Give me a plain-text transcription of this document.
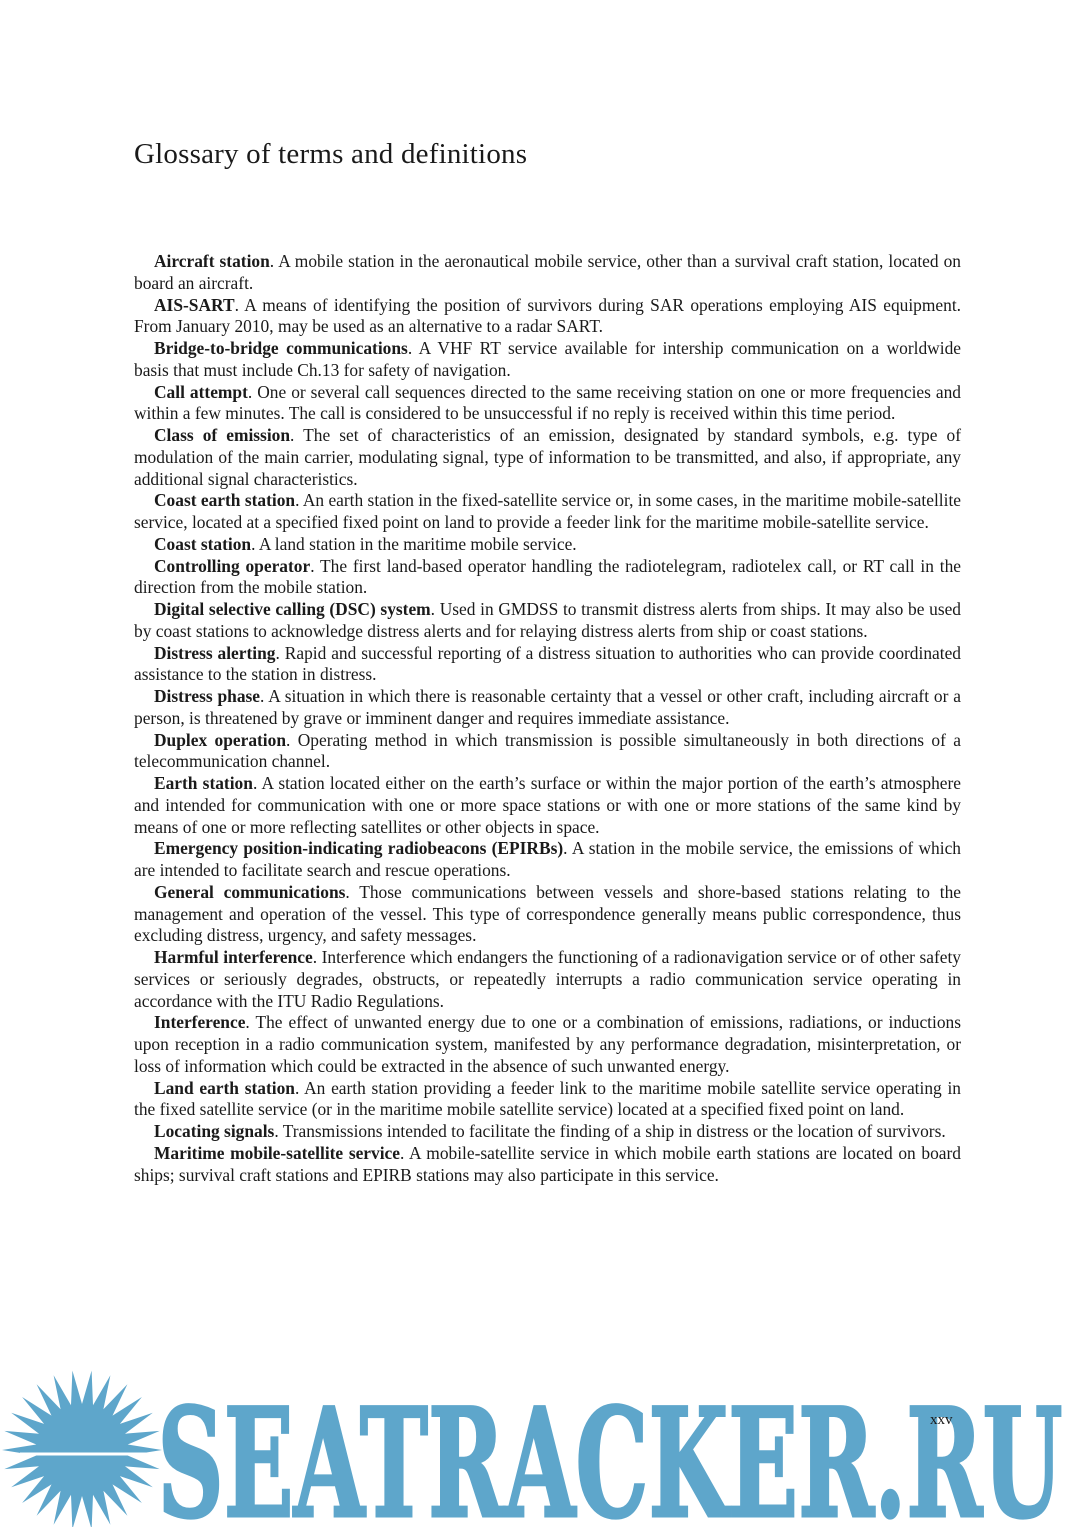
Glossary of terms and definitions

Aircraft station. A mobile station in the aeronautical mobile service, other than a survival craft station, located on board an aircraft.

AIS-SART. A means of identifying the position of survivors during SAR operations employing AIS equipment. From January 2010, may be used as an alternative to a radar SART.

Bridge-to-bridge communications. A VHF RT service available for intership communication on a worldwide basis that must include Ch.13 for safety of navigation.

Call attempt. One or several call sequences directed to the same receiving station on one or more frequencies and within a few minutes. The call is considered to be unsuccessful if no reply is received within this time period.

Class of emission. The set of characteristics of an emission, designated by standard symbols, e.g. type of modulation of the main carrier, modulating signal, type of information to be transmitted, and also, if appropriate, any additional signal characteristics.

Coast earth station. An earth station in the fixed-satellite service or, in some cases, in the maritime mobile-satellite service, located at a specified fixed point on land to provide a feeder link for the maritime mobile-satellite service.

Coast station. A land station in the maritime mobile service.

Controlling operator. The first land-based operator handling the radiotelegram, radiotelex call, or RT call in the direction from the mobile station.

Digital selective calling (DSC) system. Used in GMDSS to transmit distress alerts from ships. It may also be used by coast stations to acknowledge distress alerts and for relaying distress alerts from ship or coast stations.

Distress alerting. Rapid and successful reporting of a distress situation to authorities who can provide coordinated assistance to the station in distress.

Distress phase. A situation in which there is reasonable certainty that a vessel or other craft, including aircraft or a person, is threatened by grave or imminent danger and requires immediate assistance.

Duplex operation. Operating method in which transmission is possible simultaneously in both directions of a telecommunication channel.

Earth station. A station located either on the earth’s surface or within the major portion of the earth’s atmosphere and intended for communication with one or more space stations or with one or more stations of the same kind by means of one or more reflecting satellites or other objects in space.

Emergency position-indicating radiobeacons (EPIRBs). A station in the mobile service, the emissions of which are intended to facilitate search and rescue operations.

General communications. Those communications between vessels and shore-based stations relating to the management and operation of the vessel. This type of correspondence generally means public correspondence, thus excluding distress, urgency, and safety messages.

Harmful interference. Interference which endangers the functioning of a radionavigation service or of other safety services or seriously degrades, obstructs, or repeatedly interrupts a radio communication service operating in accordance with the ITU Radio Regulations.

Interference. The effect of unwanted energy due to one or a combination of emissions, radiations, or inductions upon reception in a radio communication system, manifested by any performance degradation, misinterpretation, or loss of information which could be extracted in the absence of such unwanted energy.

Land earth station. An earth station providing a feeder link to the maritime mobile satellite service operating in the fixed satellite service (or in the maritime mobile satellite service) located at a specified fixed point on land.

Locating signals. Transmissions intended to facilitate the finding of a ship in distress or the location of survivors.

Maritime mobile-satellite service. A mobile-satellite service in which mobile earth stations are located on board ships; survival craft stations and EPIRB stations may also participate in this service.

SEATRACKER.RU
xxv
